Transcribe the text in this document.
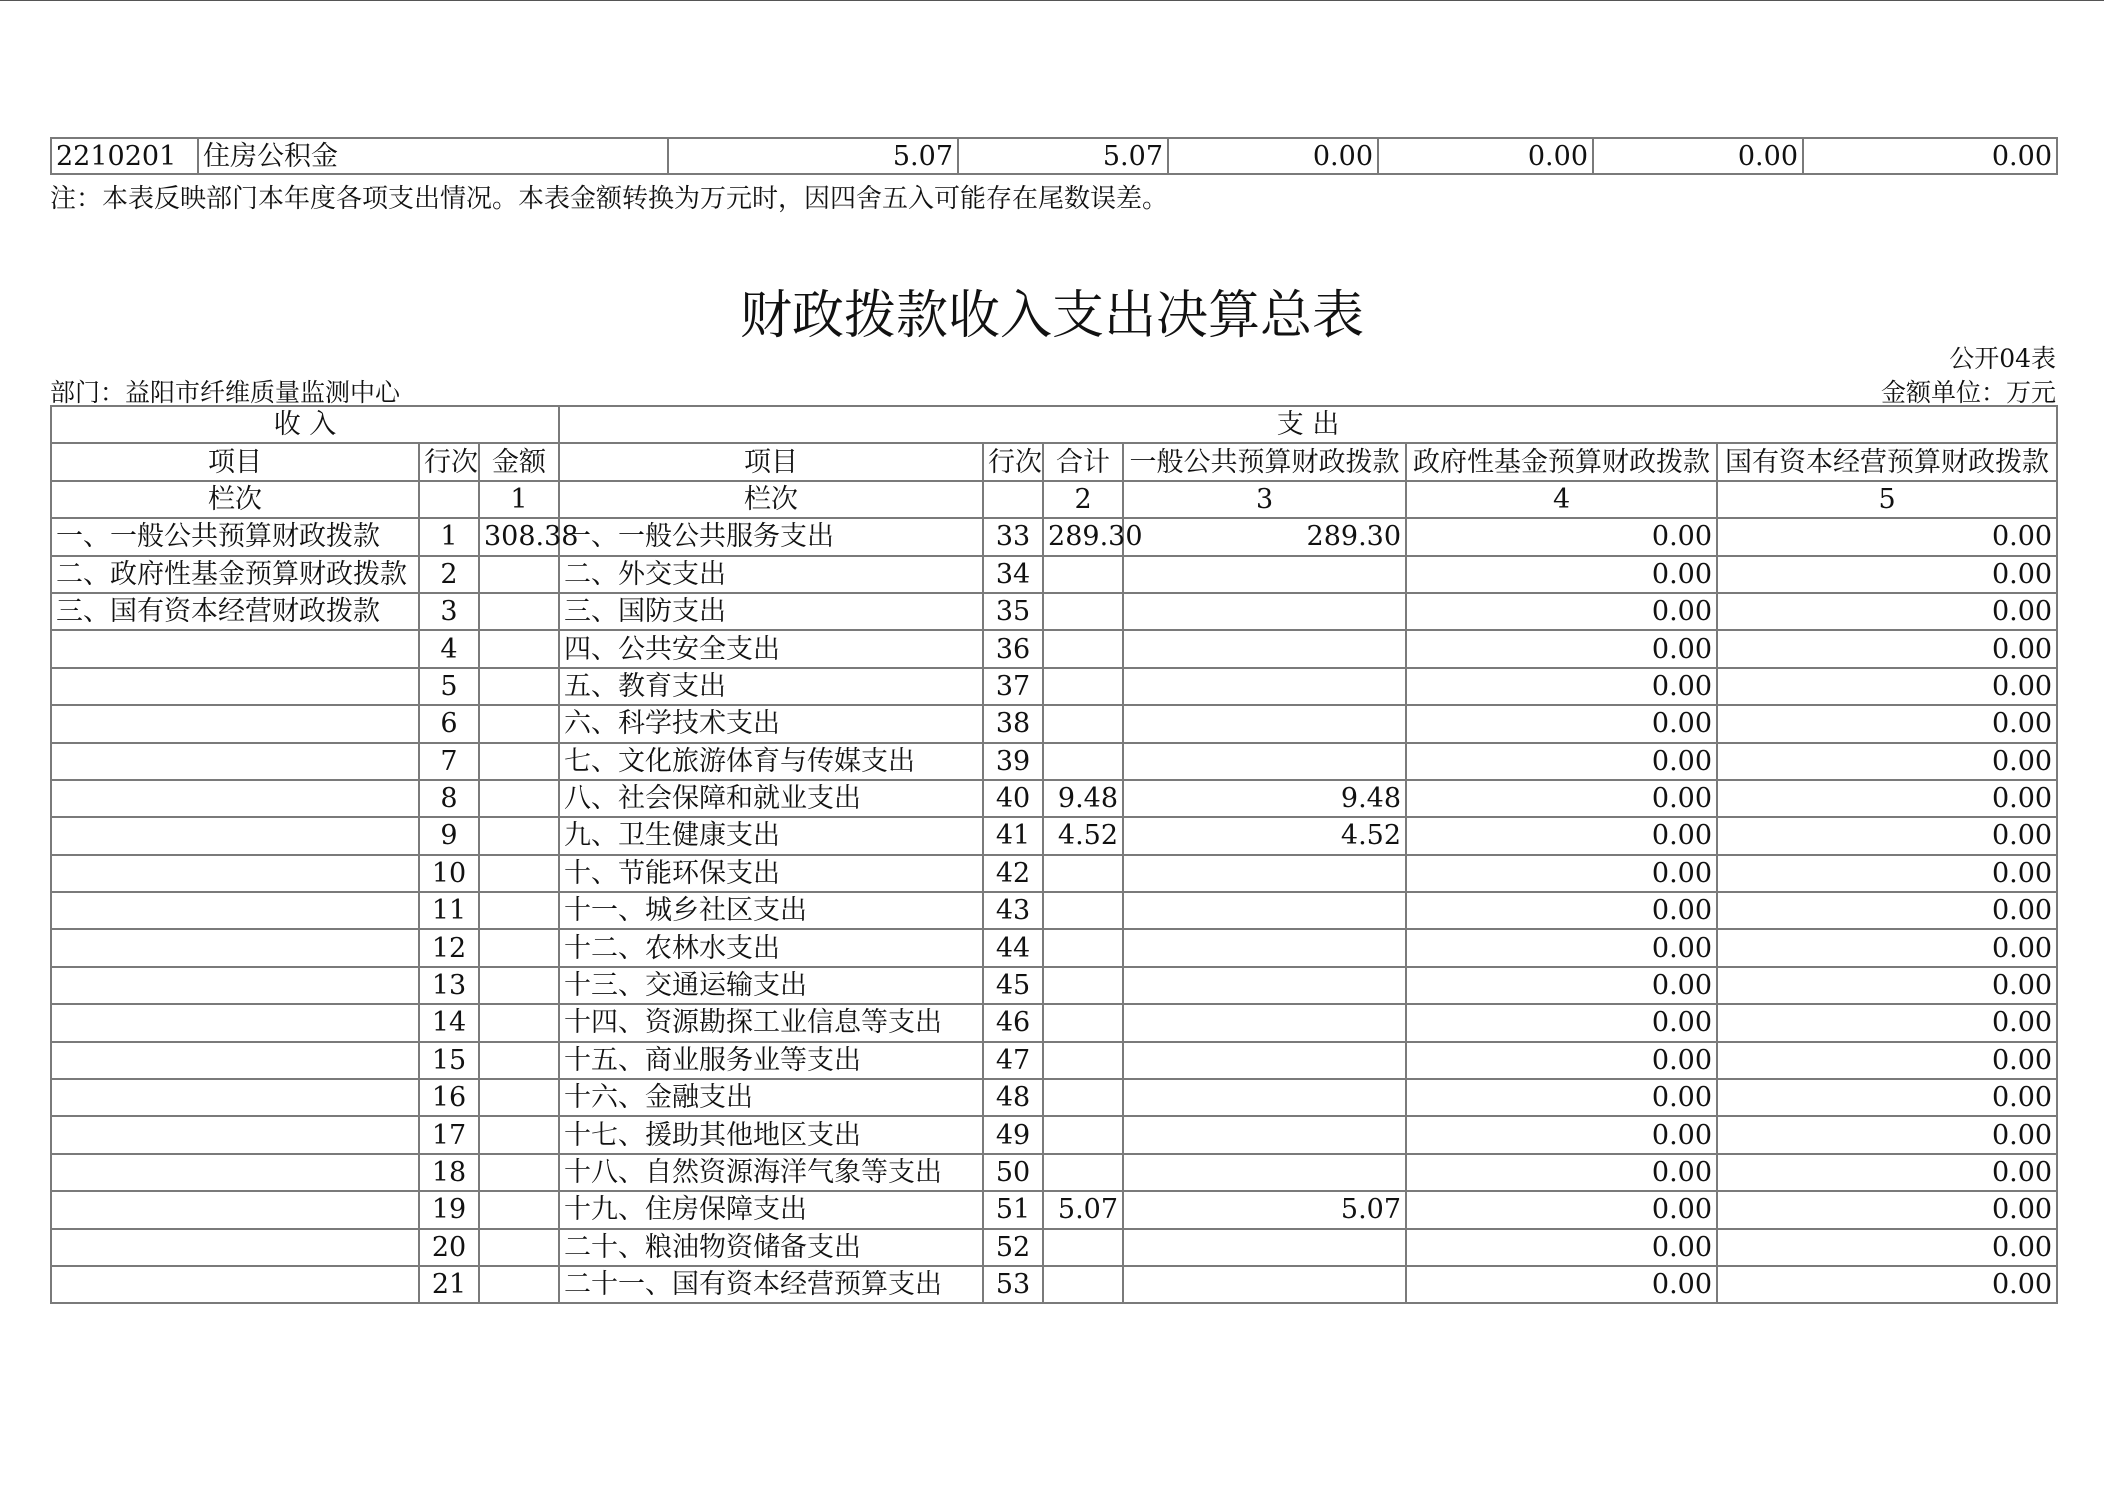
2210201	住房公积金	5.07	5.07	0.00	0.00	0.00	0.00
注：本表反映部门本年度各项支出情况。本表金额转换为万元时，因四舍五入可能存在尾数误差。
财政拨款收入支出决算总表
公开04表
部门：益阳市纤维质量监测中心	金额单位：万元
收 入			支 出					
项目	行次	金额	项目	行次	合计	一般公共预算财政拨款	政府性基金预算财政拨款	国有资本经营预算财政拨款
栏次		1	栏次		2	3	4	5
一、一般公共预算财政拨款	1	308.38	一、一般公共服务支出	33	289.30	289.30	0.00	0.00
二、政府性基金预算财政拨款	2		二、外交支出	34			0.00	0.00
三、国有资本经营财政拨款	3		三、国防支出	35			0.00	0.00
	4		四、公共安全支出	36			0.00	0.00
	5		五、教育支出	37			0.00	0.00
	6		六、科学技术支出	38			0.00	0.00
	7		七、文化旅游体育与传媒支出	39			0.00	0.00
	8		八、社会保障和就业支出	40	9.48	9.48	0.00	0.00
	9		九、卫生健康支出	41	4.52	4.52	0.00	0.00
	10		十、节能环保支出	42			0.00	0.00
	11		十一、城乡社区支出	43			0.00	0.00
	12		十二、农林水支出	44			0.00	0.00
	13		十三、交通运输支出	45			0.00	0.00
	14		十四、资源勘探工业信息等支出	46			0.00	0.00
	15		十五、商业服务业等支出	47			0.00	0.00
	16		十六、金融支出	48			0.00	0.00
	17		十七、援助其他地区支出	49			0.00	0.00
	18		十八、自然资源海洋气象等支出	50			0.00	0.00
	19		十九、住房保障支出	51	5.07	5.07	0.00	0.00
	20		二十、粮油物资储备支出	52			0.00	0.00
	21		二十一、国有资本经营预算支出	53			0.00	0.00
